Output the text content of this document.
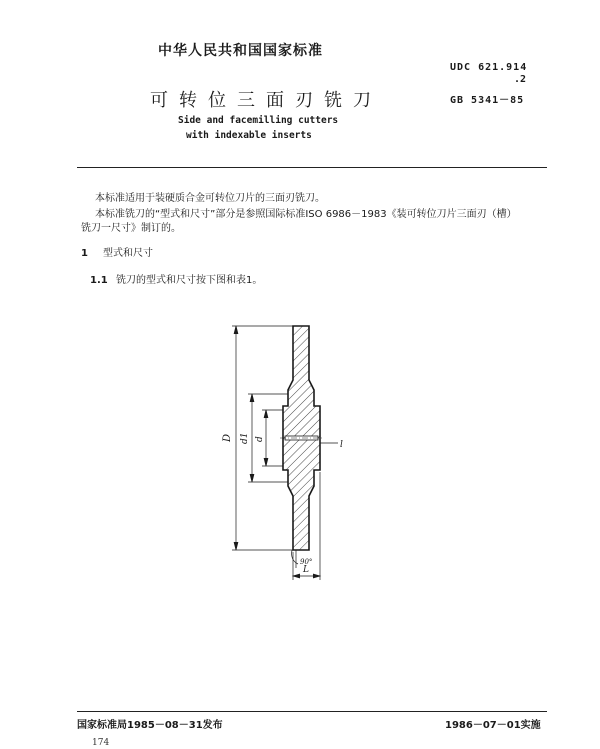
中华人民共和国国家标准
UDC 621.914
.2
可转位三面刃铣刀	GB 5341－85
Side and facemilling cutters
with indexable inserts
本标准适用于装硬质合金可转位刀片的三面刃铣刀。
本标准铣刀的“型式和尺寸”部分是参照国际标准ISO 6986－1983《装可转位刀片三面刃（槽）
铣刀一尺寸》制订的。
1 型式和尺寸
1.1 铣刀的型式和尺寸按下图和表1。
D d1 d
l
90°
L
国家标准局1985－08－31发布	1986－07－01实施
174
